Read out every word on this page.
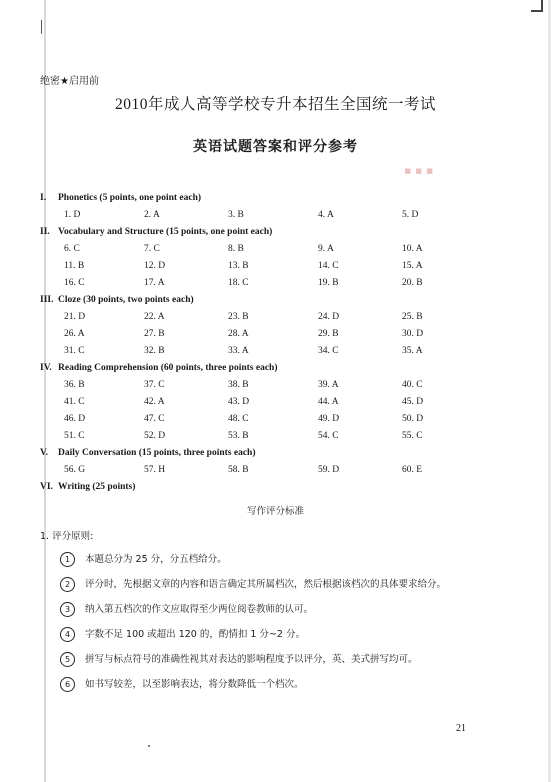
绝密★启用前
2010年成人高等学校专升本招生全国统一考试
英语试题答案和评分参考
▪ ▪ ▪
I. Phonetics (5 points, one point each)
1. D	2. A	3. B	4. A	5. D
II. Vocabulary and Structure (15 points, one point each)
6. C	7. C	8. B	9. A	10. A
11. B	12. D	13. B	14. C	15. A
16. C	17. A	18. C	19. B	20. B
III. Cloze (30 points, two points each)
21. D	22. A	23. B	24. D	25. B
26. A	27. B	28. A	29. B	30. D
31. C	32. B	33. A	34. C	35. A
IV. Reading Comprehension (60 points, three points each)
36. B	37. C	38. B	39. A	40. C
41. C	42. A	43. D	44. A	45. D
46. D	47. C	48. C	49. D	50. D
51. C	52. D	53. B	54. C	55. C
V. Daily Conversation (15 points, three points each)
56. G	57. H	58. B	59. D	60. E
VI. Writing (25 points)
写作评分标准
1. 评分原则:
1 本题总分为 25 分，分五档给分。
2 评分时，先根据文章的内容和语言确定其所属档次，然后根据该档次的具体要求给分。
3 纳入第五档次的作文应取得至少两位阅卷教师的认可。
4 字数不足 100 或超出 120 的，酌情扣 1 分~2 分。
5 拼写与标点符号的准确性视其对表达的影响程度予以评分，英、美式拼写均可。
6 如书写较差，以至影响表达，将分数降低一个档次。
21
